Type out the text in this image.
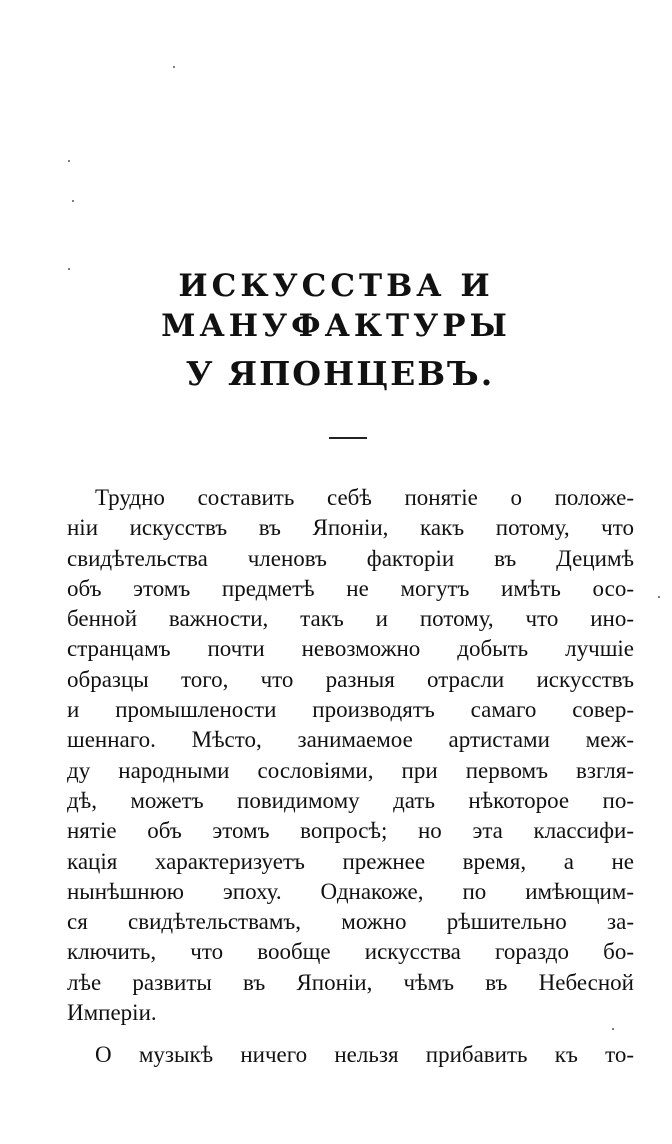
ИСКУССТВА И МАНУФАКТУРЫ
У ЯПОНЦЕВЪ.
Трудно составить себѣ понятіе о положе-
ніи искусствъ въ Японіи, какъ потому, что
свидѣтельства членовъ факторіи въ Децимѣ
объ этомъ предметѣ не могутъ имѣть осо-
бенной важности, такъ и потому, что ино-
странцамъ почти невозможно добыть лучшіе
образцы того, что разныя отрасли искусствъ
и промышлености производятъ самаго совер-
шеннаго. Мѣсто, занимаемое артистами меж-
ду народными сословіями, при первомъ взгля-
дѣ, можетъ повидимому дать нѣкоторое по-
нятіе объ этомъ вопросѣ; но эта классифи-
кація характеризуетъ прежнее время, а не
нынѣшнюю эпоху. Однакоже, по имѣющим-
ся свидѣтельствамъ, можно рѣшительно за-
ключить, что вообще искусства гораздо бо-
лѣе развиты въ Японіи, чѣмъ въ Небесной
Имперіи.
О музыкѣ ничего нельзя прибавить къ то-
